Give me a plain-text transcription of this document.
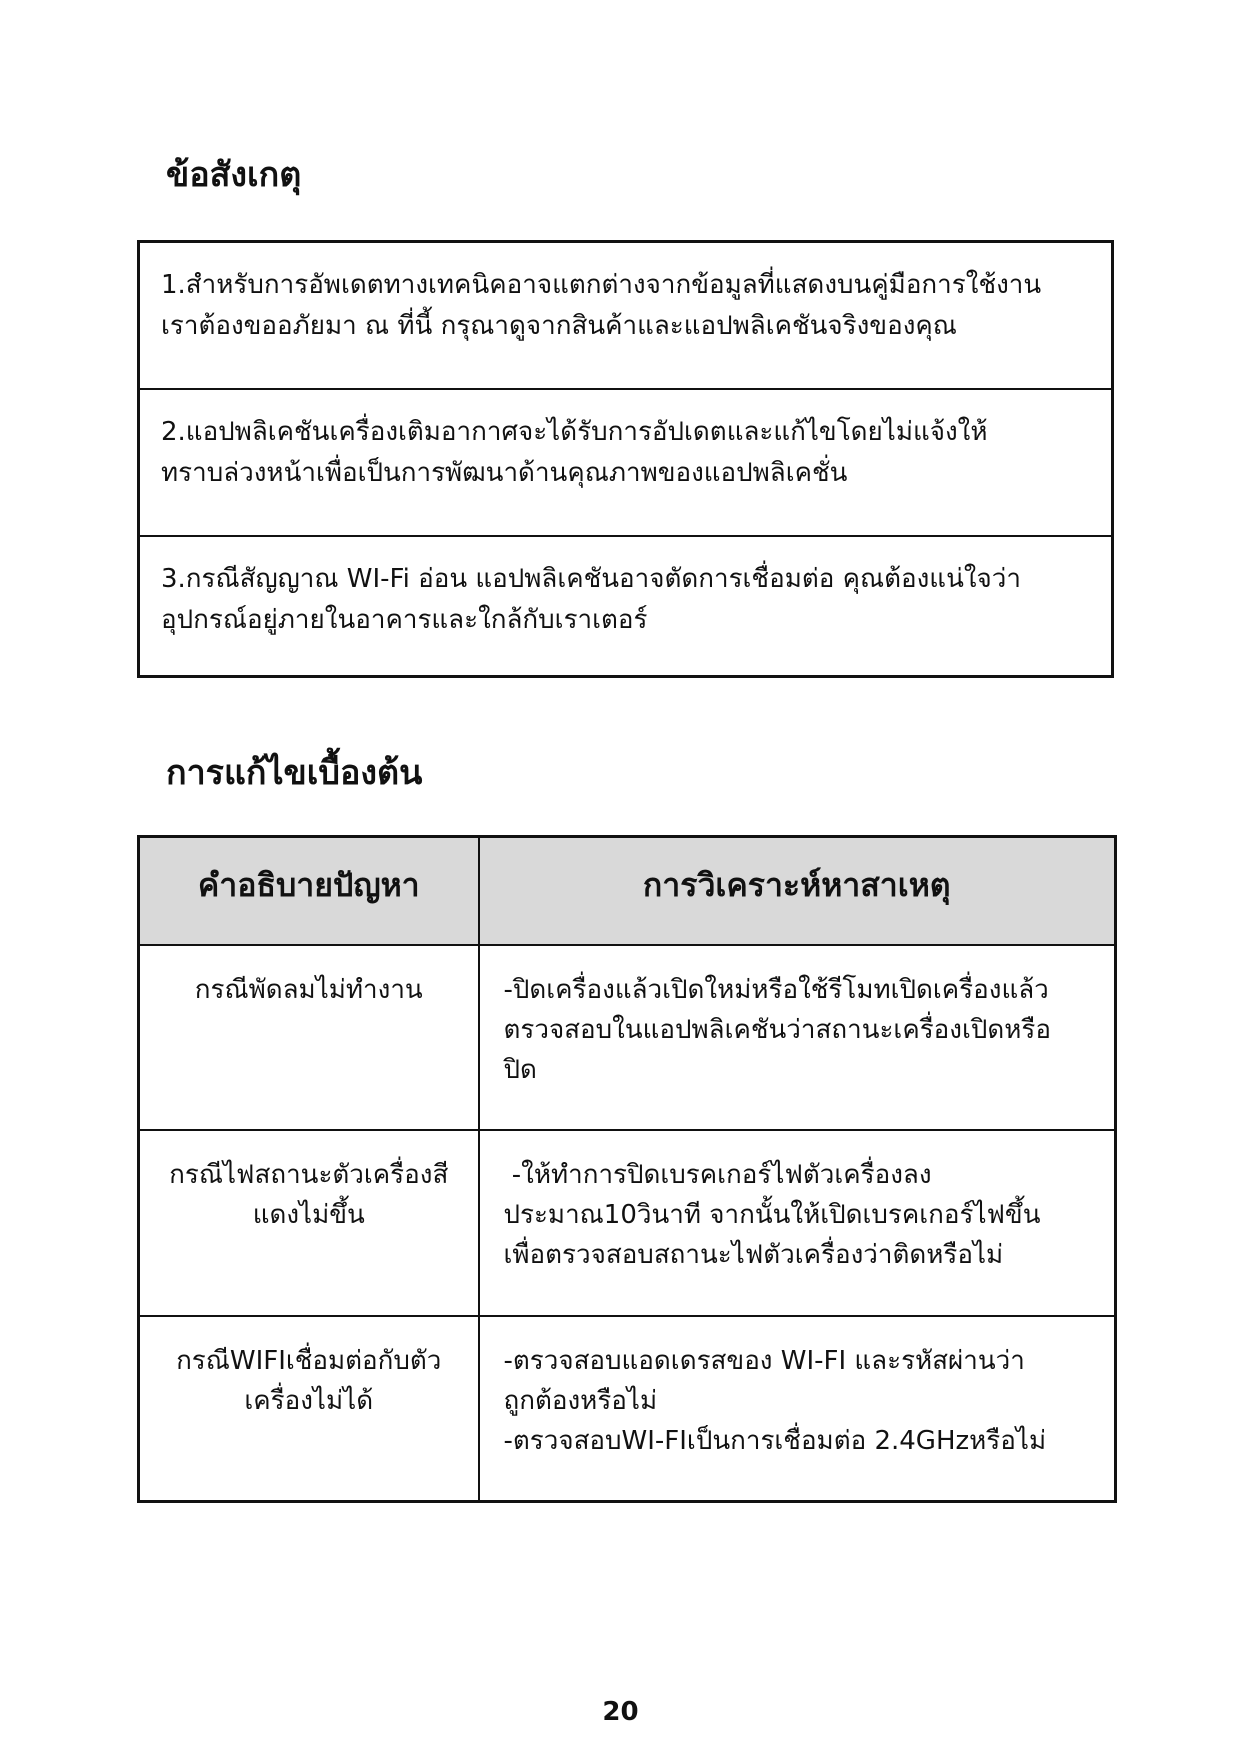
ข้อสังเกตุ
1.สำหรับการอัพเดตทางเทคนิคอาจแตกต่างจากข้อมูลที่แสดงบนคู่มือการใช้งาน
เราต้องขออภัยมา ณ ที่นี้ กรุณาดูจากสินค้าและแอปพลิเคชันจริงของคุณ
2.แอปพลิเคชันเครื่องเติมอากาศจะได้รับการอัปเดตและแก้ไขโดยไม่แจ้งให้
ทราบล่วงหน้าเพื่อเป็นการพัฒนาด้านคุณภาพของแอปพลิเคชั่น
3.กรณีสัญญาณ WI-Fi อ่อน แอปพลิเคชันอาจตัดการเชื่อมต่อ คุณต้องแน่ใจว่า
อุปกรณ์อยู่ภายในอาคารและใกล้กับเราเตอร์
การแก้ไขเบื้องต้น
คำอธิบายปัญหา	การวิเคราะห์หาสาเหตุ

กรณีพัดลมไม่ทำงาน	-ปิดเครื่องแล้วเปิดใหม่หรือใช้รีโมทเปิดเครื่องแล้ว
ตรวจสอบในแอปพลิเคชันว่าสถานะเครื่องเปิดหรือ
ปิด

กรณีไฟสถานะตัวเครื่องสี
แดงไม่ขึ้น	-ให้ทำการปิดเบรคเกอร์ไฟตัวเครื่องลง
ประมาณ10วินาที จากนั้นให้เปิดเบรคเกอร์ไฟขึ้น
เพื่อตรวจสอบสถานะไฟตัวเครื่องว่าติดหรือไม่

กรณีWIFIเชื่อมต่อกับตัว
เครื่องไม่ได้	-ตรวจสอบแอดเดรสของ WI-FI และรหัสผ่านว่า
ถูกต้องหรือไม่
-ตรวจสอบWI-FIเป็นการเชื่อมต่อ 2.4GHzหรือไม่
20
